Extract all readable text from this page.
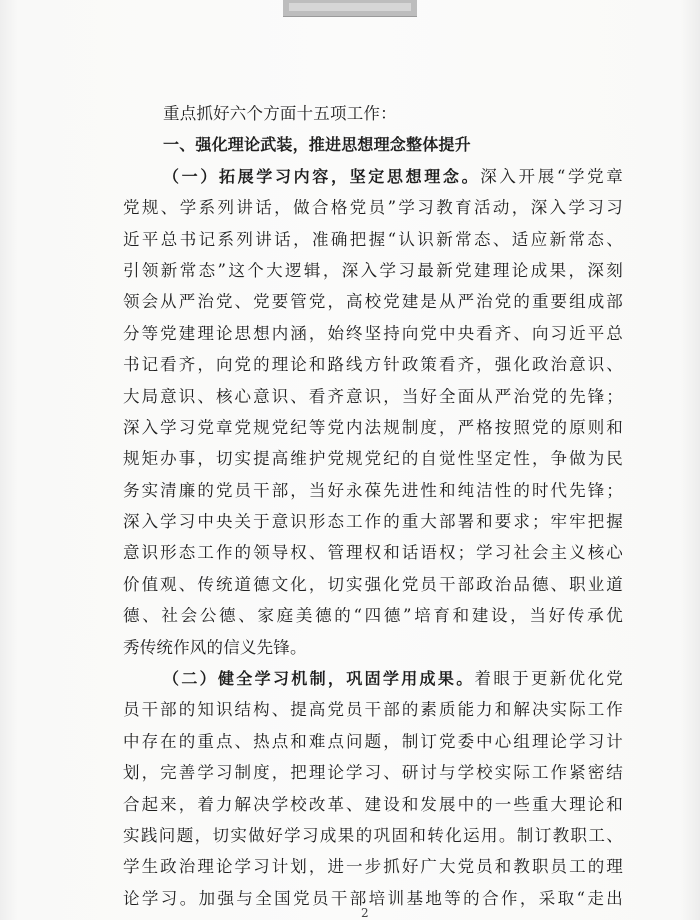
重点抓好六个方面十五项工作：
一、强化理论武装，推进思想理念整体提升
（一）拓展学习内容，坚定思想理念。深入开展“学党章
党规、学系列讲话，做合格党员”学习教育活动，深入学习习
近平总书记系列讲话，准确把握“认识新常态、适应新常态、
引领新常态”这个大逻辑，深入学习最新党建理论成果，深刻
领会从严治党、党要管党，高校党建是从严治党的重要组成部
分等党建理论思想内涵，始终坚持向党中央看齐、向习近平总
书记看齐，向党的理论和路线方针政策看齐，强化政治意识、
大局意识、核心意识、看齐意识，当好全面从严治党的先锋；
深入学习党章党规党纪等党内法规制度，严格按照党的原则和
规矩办事，切实提高维护党规党纪的自觉性坚定性，争做为民
务实清廉的党员干部，当好永葆先进性和纯洁性的时代先锋；
深入学习中央关于意识形态工作的重大部署和要求；牢牢把握
意识形态工作的领导权、管理权和话语权；学习社会主义核心
价值观、传统道德文化，切实强化党员干部政治品德、职业道
德、社会公德、家庭美德的“四德”培育和建设，当好传承优
秀传统作风的信义先锋。
（二）健全学习机制，巩固学用成果。着眼于更新优化党
员干部的知识结构、提高党员干部的素质能力和解决实际工作
中存在的重点、热点和难点问题，制订党委中心组理论学习计
划，完善学习制度，把理论学习、研讨与学校实际工作紧密结
合起来，着力解决学校改革、建设和发展中的一些重大理论和
实践问题，切实做好学习成果的巩固和转化运用。制订教职工、
学生政治理论学习计划，进一步抓好广大党员和教职员工的理
论学习。加强与全国党员干部培训基地等的合作，采取“走出
2
